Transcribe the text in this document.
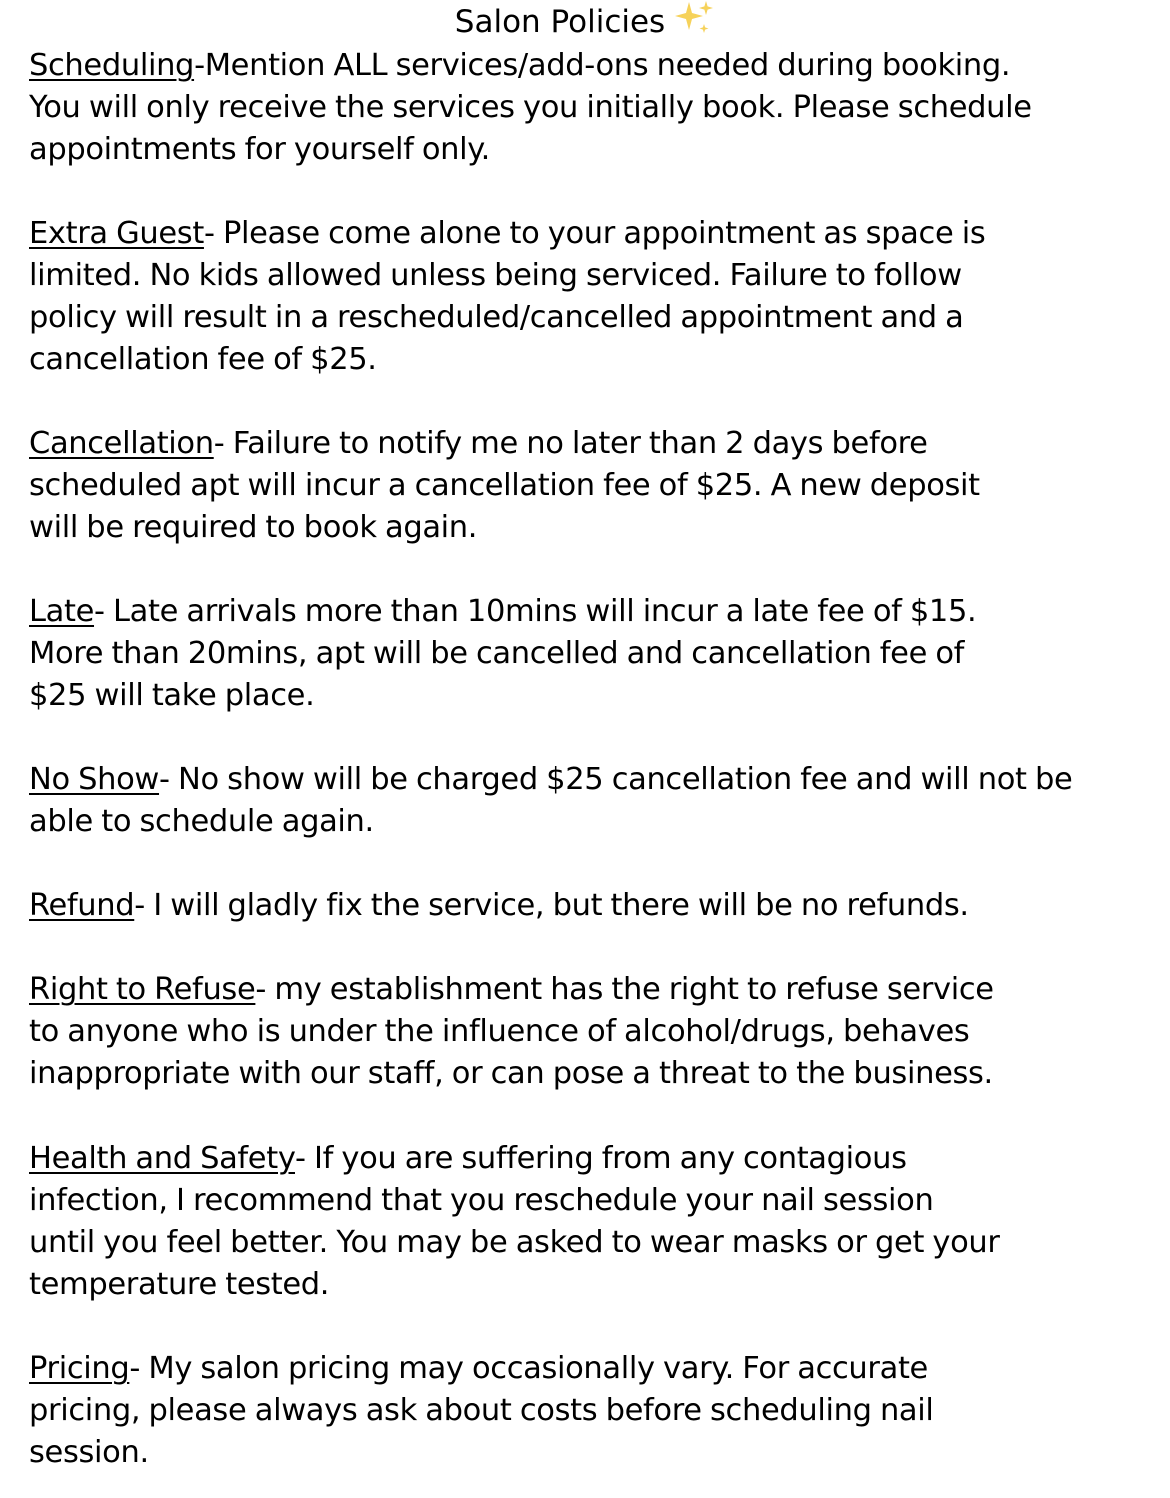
Salon Policies
Scheduling-Mention ALL services/add-ons needed during booking.
You will only receive the services you initially book. Please schedule
appointments for yourself only.
Extra Guest- Please come alone to your appointment as space is
limited. No kids allowed unless being serviced. Failure to follow
policy will result in a rescheduled/cancelled appointment and a
cancellation fee of $25.
Cancellation- Failure to notify me no later than 2 days before
scheduled apt will incur a cancellation fee of $25. A new deposit
will be required to book again.
Late- Late arrivals more than 10mins will incur a late fee of $15.
More than 20mins, apt will be cancelled and cancellation fee of
$25 will take place.
No Show- No show will be charged $25 cancellation fee and will not be
able to schedule again.
Refund- I will gladly fix the service, but there will be no refunds.
Right to Refuse- my establishment has the right to refuse service
to anyone who is under the influence of alcohol/drugs, behaves
inappropriate with our staff, or can pose a threat to the business.
Health and Safety- If you are suffering from any contagious
infection, I recommend that you reschedule your nail session
until you feel better. You may be asked to wear masks or get your
temperature tested.
Pricing- My salon pricing may occasionally vary. For accurate
pricing, please always ask about costs before scheduling nail
session.
